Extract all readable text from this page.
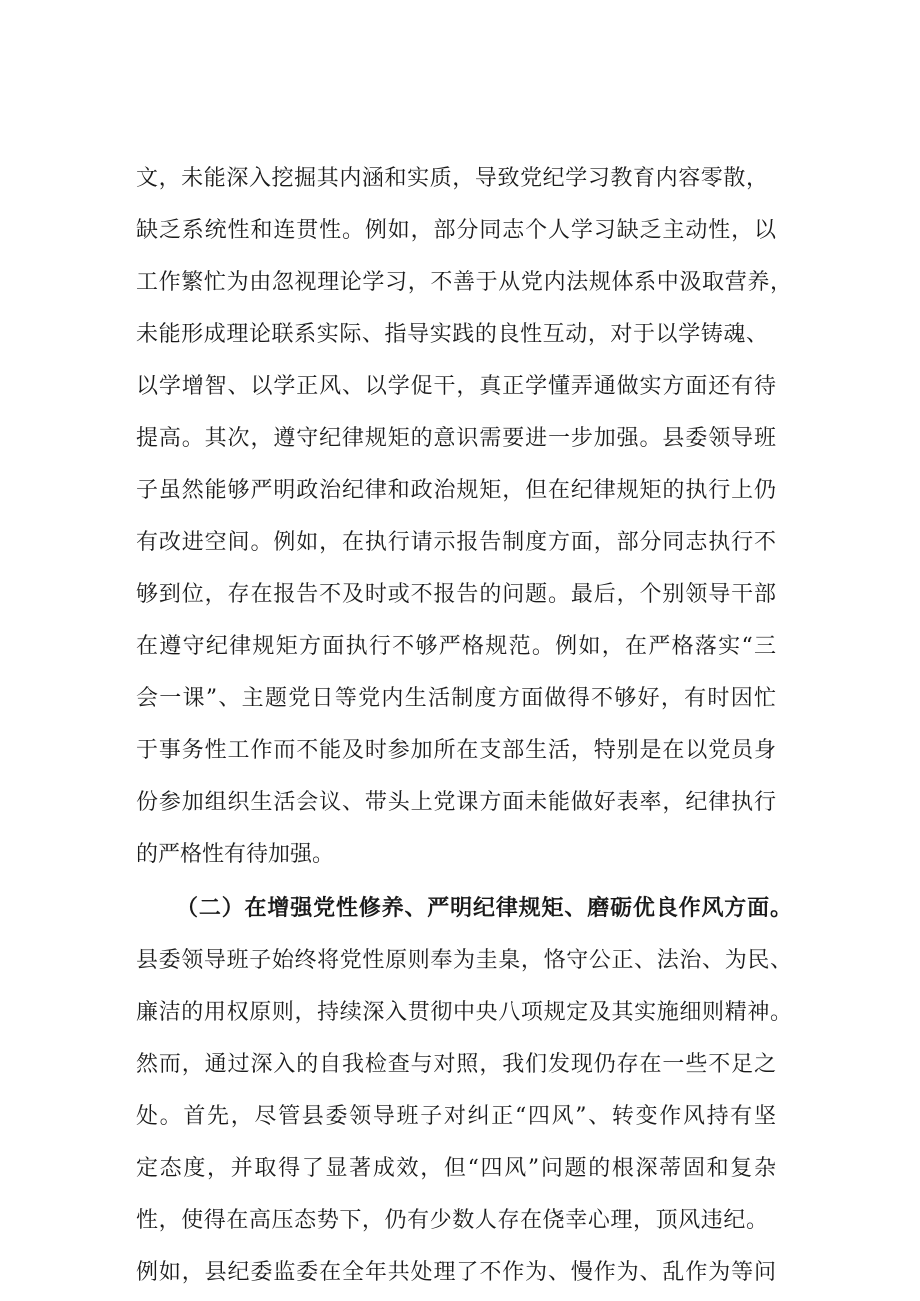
文，未能深入挖掘其内涵和实质，导致党纪学习教育内容零散，
缺乏系统性和连贯性。例如，部分同志个人学习缺乏主动性，以
工作繁忙为由忽视理论学习，不善于从党内法规体系中汲取营养，
未能形成理论联系实际、指导实践的良性互动，对于以学铸魂、
以学增智、以学正风、以学促干，真正学懂弄通做实方面还有待
提高。其次，遵守纪律规矩的意识需要进一步加强。县委领导班
子虽然能够严明政治纪律和政治规矩，但在纪律规矩的执行上仍
有改进空间。例如，在执行请示报告制度方面，部分同志执行不
够到位，存在报告不及时或不报告的问题。最后，个别领导干部
在遵守纪律规矩方面执行不够严格规范。例如，在严格落实“三
会一课”、主题党日等党内生活制度方面做得不够好，有时因忙
于事务性工作而不能及时参加所在支部生活，特别是在以党员身
份参加组织生活会议、带头上党课方面未能做好表率，纪律执行
的严格性有待加强。
（二）在增强党性修养、严明纪律规矩、磨砺优良作风方面。
县委领导班子始终将党性原则奉为圭臬，恪守公正、法治、为民、
廉洁的用权原则，持续深入贯彻中央八项规定及其实施细则精神。
然而，通过深入的自我检查与对照，我们发现仍存在一些不足之
处。首先，尽管县委领导班子对纠正“四风”、转变作风持有坚
定态度，并取得了显著成效，但“四风”问题的根深蒂固和复杂
性，使得在高压态势下，仍有少数人存在侥幸心理，顶风违纪。
例如，县纪委监委在全年共处理了不作为、慢作为、乱作为等问
